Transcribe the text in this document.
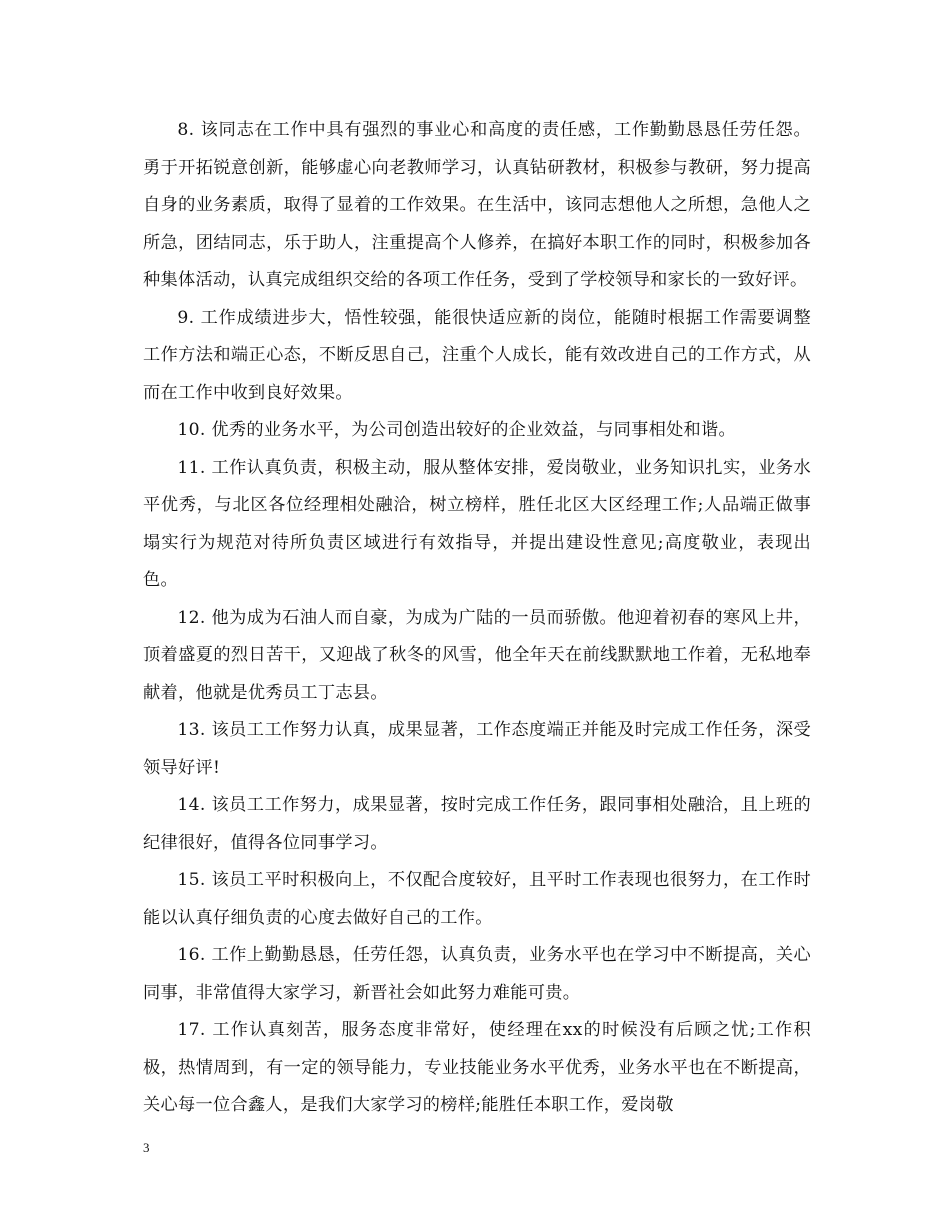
8. 该同志在工作中具有强烈的事业心和高度的责任感，工作勤勤恳恳任劳任怨。勇于开拓锐意创新，能够虚心向老教师学习，认真钻研教材，积极参与教研，努力提高自身的业务素质，取得了显着的工作效果。在生活中，该同志想他人之所想，急他人之所急，团结同志，乐于助人，注重提高个人修养，在搞好本职工作的同时，积极参加各种集体活动，认真完成组织交给的各项工作任务，受到了学校领导和家长的一致好评。

9. 工作成绩进步大，悟性较强，能很快适应新的岗位，能随时根据工作需要调整工作方法和端正心态，不断反思自己，注重个人成长，能有效改进自己的工作方式，从而在工作中收到良好效果。

10. 优秀的业务水平，为公司创造出较好的企业效益，与同事相处和谐。

11. 工作认真负责，积极主动，服从整体安排，爱岗敬业，业务知识扎实，业务水平优秀，与北区各位经理相处融洽，树立榜样，胜任北区大区经理工作;人品端正做事塌实行为规范对待所负责区域进行有效指导，并提出建设性意见;高度敬业，表现出色。

12. 他为成为石油人而自豪，为成为广陆的一员而骄傲。他迎着初春的寒风上井，顶着盛夏的烈日苦干，又迎战了秋冬的风雪，他全年天在前线默默地工作着，无私地奉献着，他就是优秀员工丁志县。

13. 该员工工作努力认真，成果显著，工作态度端正并能及时完成工作任务，深受领导好评!

14. 该员工工作努力，成果显著，按时完成工作任务，跟同事相处融洽，且上班的纪律很好，值得各位同事学习。

15. 该员工平时积极向上，不仅配合度较好，且平时工作表现也很努力，在工作时能以认真仔细负责的心度去做好自己的工作。

16. 工作上勤勤恳恳，任劳任怨，认真负责，业务水平也在学习中不断提高，关心同事，非常值得大家学习，新晋社会如此努力难能可贵。

17. 工作认真刻苦，服务态度非常好，使经理在xx的时候没有后顾之忧;工作积极，热情周到，有一定的领导能力，专业技能业务水平优秀，业务水平也在不断提高，关心每一位合鑫人，是我们大家学习的榜样;能胜任本职工作，爱岗敬

3
